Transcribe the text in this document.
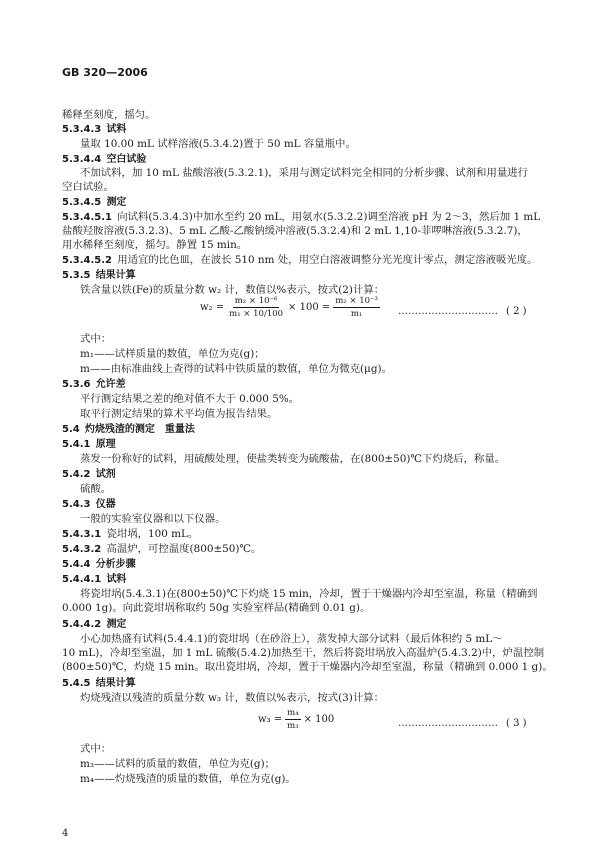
GB 320—2006
稀释至刻度，摇匀。
5.3.4.3  试料
量取 10.00 mL 试样溶液(5.3.4.2)置于 50 mL 容量瓶中。
5.3.4.4  空白试验
不加试料，加 10 mL 盐酸溶液(5.3.2.1)，采用与测定试料完全相同的分析步骤、试剂和用量进行
空白试验。
5.3.4.5  测定
5.3.4.5.1  向试料(5.3.4.3)中加水至约 20 mL，用氨水(5.3.2.2)调至溶液 pH 为 2～3，然后加 1 mL
盐酸羟胺溶液(5.3.2.3)、5 mL 乙酸-乙酸钠缓冲溶液(5.3.2.4)和 2 mL 1,10-菲啰啉溶液(5.3.2.7)，
用水稀释至刻度，摇匀。静置 15 min。
5.3.4.5.2  用适宜的比色皿，在波长 510 nm 处，用空白溶液调整分光光度计零点，测定溶液吸光度。
5.3.5  结果计算
铁含量以铁(Fe)的质量分数 w₂ 计，数值以%表示，按式(2)计算：
式中：
m₁——试样质量的数值，单位为克(g)；
m——由标准曲线上查得的试料中铁质量的数值，单位为微克(μg)。
5.3.6  允许差
平行测定结果之差的绝对值不大于 0.000 5%。
取平行测定结果的算术平均值为报告结果。
5.4  灼烧残渣的测定　重量法
5.4.1  原理
蒸发一份称好的试料，用硫酸处理，使盐类转变为硫酸盐，在(800±50)℃下灼烧后，称量。
5.4.2  试剂
硫酸。
5.4.3  仪器
一般的实验室仪器和以下仪器。
5.4.3.1  瓷坩埚，100 mL。
5.4.3.2  高温炉，可控温度(800±50)℃。
5.4.4  分析步骤
5.4.4.1  试料
将瓷坩埚(5.4.3.1)在(800±50)℃下灼烧 15 min，冷却，置于干燥器内冷却至室温，称量（精确到
0.000 1g)。向此瓷坩埚称取约 50g 实验室样品(精确到 0.01 g)。
5.4.4.2  测定
小心加热盛有试料(5.4.4.1)的瓷坩埚（在砂浴上），蒸发掉大部分试料（最后体积约 5 mL～
10 mL)，冷却至室温，加 1 mL 硫酸(5.4.2)加热至干，然后将瓷坩埚放入高温炉(5.4.3.2)中，炉温控制
(800±50)℃，灼烧 15 min。取出瓷坩埚，冷却，置于干燥器内冷却至室温，称量（精确到 0.000 1 g)。
5.4.5  结果计算
灼烧残渣以残渣的质量分数 w₃ 计，数值以%表示，按式(3)计算：
式中：
m₃——试料的质量的数值，单位为克(g)；
m₄——灼烧残渣的质量的数值，单位为克(g)。
$w_2 = \frac{\text{m₂ × 10⁻⁶}}{\text{m₁ × 10/100}} \times 100 = \frac{\text{m₂ × 10⁻³}}{\text{m₁}}$ ………………………… ( 2 )
$w_3 = \frac{\text{m₄}}{\text{m₃}} \times 100$	………………………… ( 3 )
4
